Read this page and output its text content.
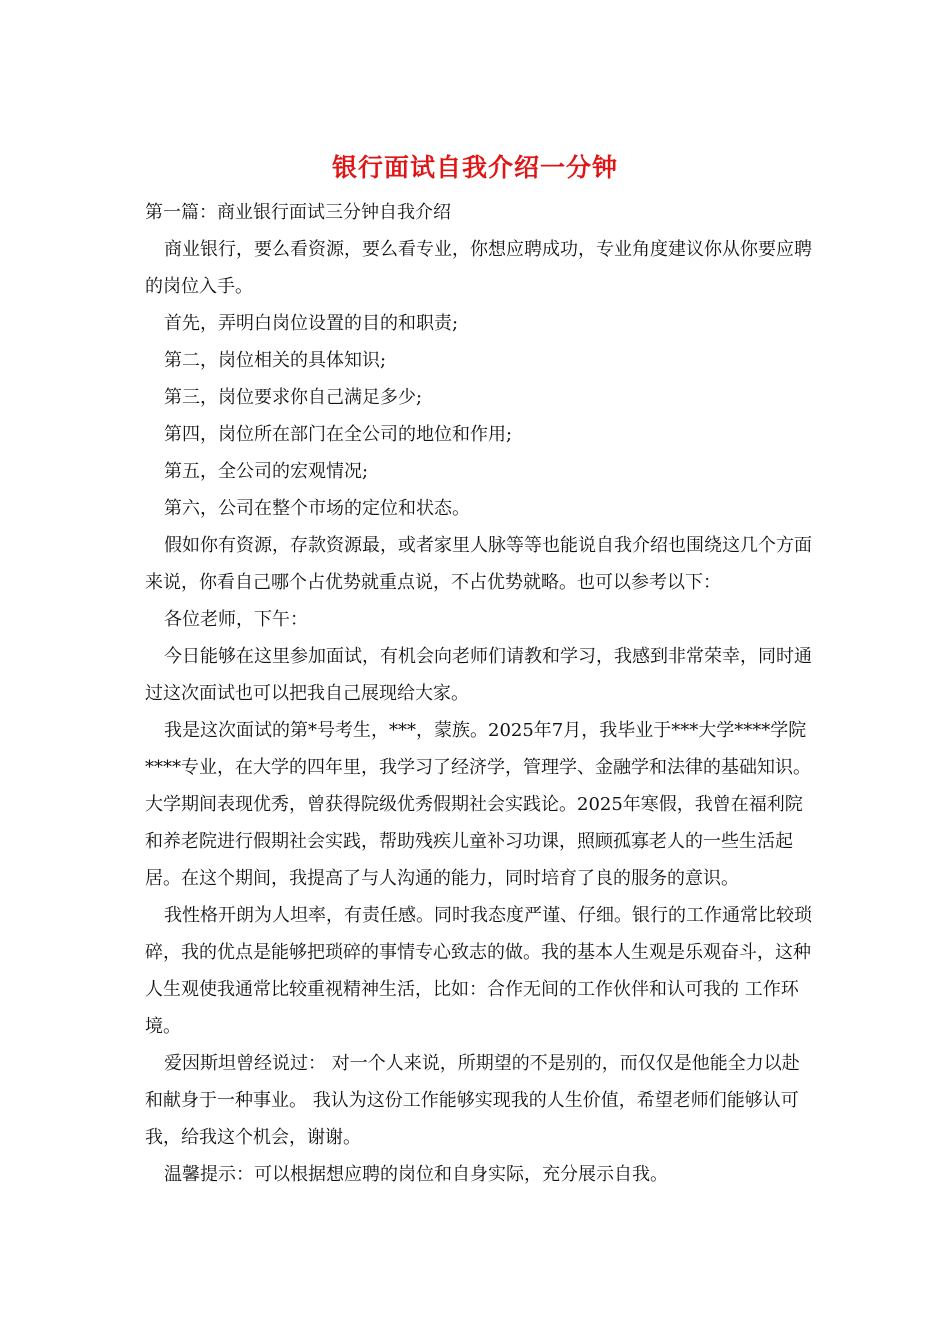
银行面试自我介绍一分钟

第一篇：商业银行面试三分钟自我介绍

商业银行，要么看资源，要么看专业，你想应聘成功，专业角度建议你从你要应聘的岗位入手。

首先，弄明白岗位设置的目的和职责;

第二，岗位相关的具体知识;

第三，岗位要求你自己满足多少;

第四，岗位所在部门在全公司的地位和作用;

第五，全公司的宏观情况;

第六，公司在整个市场的定位和状态。

假如你有资源，存款资源最，或者家里人脉等等也能说自我介绍也围绕这几个方面来说，你看自己哪个占优势就重点说，不占优势就略。也可以参考以下：

各位老师，下午：

今日能够在这里参加面试，有机会向老师们请教和学习，我感到非常荣幸，同时通过这次面试也可以把我自己展现给大家。

我是这次面试的第*号考生，***，蒙族。2025年7月，我毕业于***大学****学院****专业，在大学的四年里，我学习了经济学，管理学、金融学和法律的基础知识。大学期间表现优秀，曾获得院级优秀假期社会实践论。2025年寒假，我曾在福利院和养老院进行假期社会实践，帮助残疾儿童补习功课，照顾孤寡老人的一些生活起居。在这个期间，我提高了与人沟通的能力，同时培育了良的服务的意识。

我性格开朗为人坦率，有责任感。同时我态度严谨、仔细。银行的工作通常比较琐碎，我的优点是能够把琐碎的事情专心致志的做。我的基本人生观是乐观奋斗，这种人生观使我通常比较重视精神生活，比如：合作无间的工作伙伴和认可我的 工作环境。

爱因斯坦曾经说过： 对一个人来说，所期望的不是别的，而仅仅是他能全力以赴和献身于一种事业。 我认为这份工作能够实现我的人生价值，希望老师们能够认可我，给我这个机会，谢谢。

温馨提示：可以根据想应聘的岗位和自身实际，充分展示自我。
